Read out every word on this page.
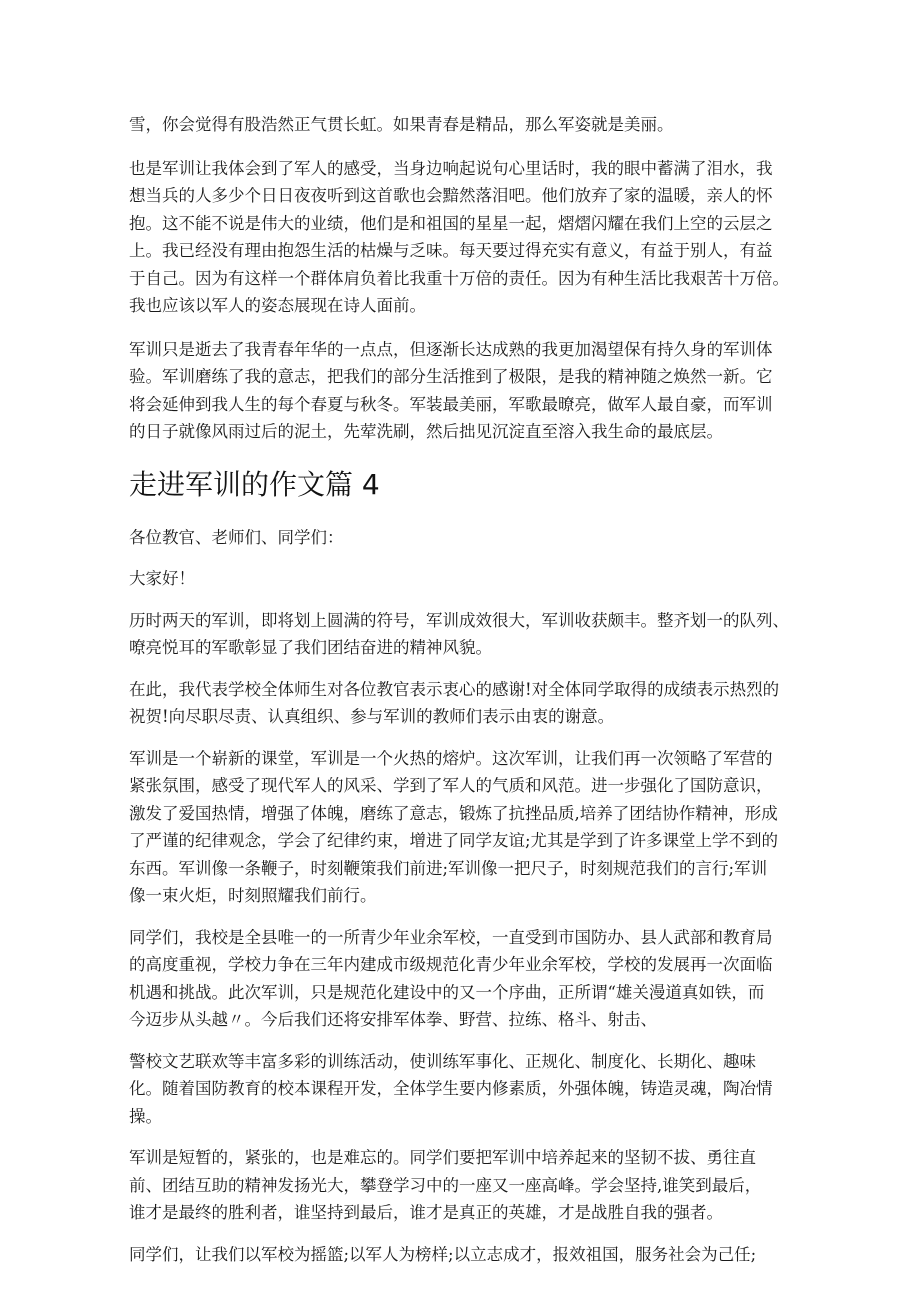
雪，你会觉得有股浩然正气贯长虹。如果青春是精品，那么军姿就是美丽。

也是军训让我体会到了军人的感受，当身边响起说句心里话时，我的眼中蓄满了泪水，我
想当兵的人多少个日日夜夜听到这首歌也会黯然落泪吧。他们放弃了家的温暖，亲人的怀
抱。这不能不说是伟大的业绩，他们是和祖国的星星一起，熠熠闪耀在我们上空的云层之
上。我已经没有理由抱怨生活的枯燥与乏味。每天要过得充实有意义，有益于别人，有益
于自己。因为有这样一个群体肩负着比我重十万倍的责任。因为有种生活比我艰苦十万倍。
我也应该以军人的姿态展现在诗人面前。

军训只是逝去了我青春年华的一点点，但逐渐长达成熟的我更加渴望保有持久身的军训体
验。军训磨练了我的意志，把我们的部分生活推到了极限，是我的精神随之焕然一新。它
将会延伸到我人生的每个春夏与秋冬。军装最美丽，军歌最暸亮，做军人最自豪，而军训
的日子就像风雨过后的泥土，先荤洗刷，然后拙见沉淀直至溶入我生命的最底层。

走进军训的作文篇 4

各位教官、老师们、同学们：

大家好！

历时两天的军训，即将划上圆满的符号，军训成效很大，军训收获颇丰。整齐划一的队列、
嘹亮悦耳的军歌彰显了我们团结奋进的精神风貌。

在此，我代表学校全体师生对各位教官表示衷心的感谢!对全体同学取得的成绩表示热烈的
祝贺!向尽职尽责、认真组织、参与军训的教师们表示由衷的谢意。

军训是一个崭新的课堂，军训是一个火热的熔炉。这次军训，让我们再一次领略了军营的
紧张氛围，感受了现代军人的风采、学到了军人的气质和风范。进一步强化了国防意识，
激发了爱国热情，增强了体魄，磨练了意志，锻炼了抗挫品质,培养了团结协作精神，形成
了严谨的纪律观念，学会了纪律约束，增进了同学友谊;尤其是学到了许多课堂上学不到的
东西。军训像一条鞭子，时刻鞭策我们前进;军训像一把尺子，时刻规范我们的言行;军训
像一束火炬，时刻照耀我们前行。

同学们，我校是全县唯一的一所青少年业余军校，一直受到市国防办、县人武部和教育局
的高度重视，学校力争在三年内建成市级规范化青少年业余军校，学校的发展再一次面临
机遇和挑战。此次军训，只是规范化建设中的又一个序曲，正所谓“雄关漫道真如铁，而
今迈步从头越〃。今后我们还将安排军体拳、野营、拉练、格斗、射击、

警校文艺联欢等丰富多彩的训练活动，使训练军事化、正规化、制度化、长期化、趣味
化。随着国防教育的校本课程开发，全体学生要内修素质，外强体魄，铸造灵魂，陶冶情
操。

军训是短暂的，紧张的，也是难忘的。同学们要把军训中培养起来的坚韧不拔、勇往直
前、团结互助的精神发扬光大，攀登学习中的一座又一座高峰。学会坚持,谁笑到最后，
谁才是最终的胜利者，谁坚持到最后，谁才是真正的英雄，才是战胜自我的强者。

同学们，让我们以军校为摇篮;以军人为榜样;以立志成才，报效祖国，服务社会为己任;
